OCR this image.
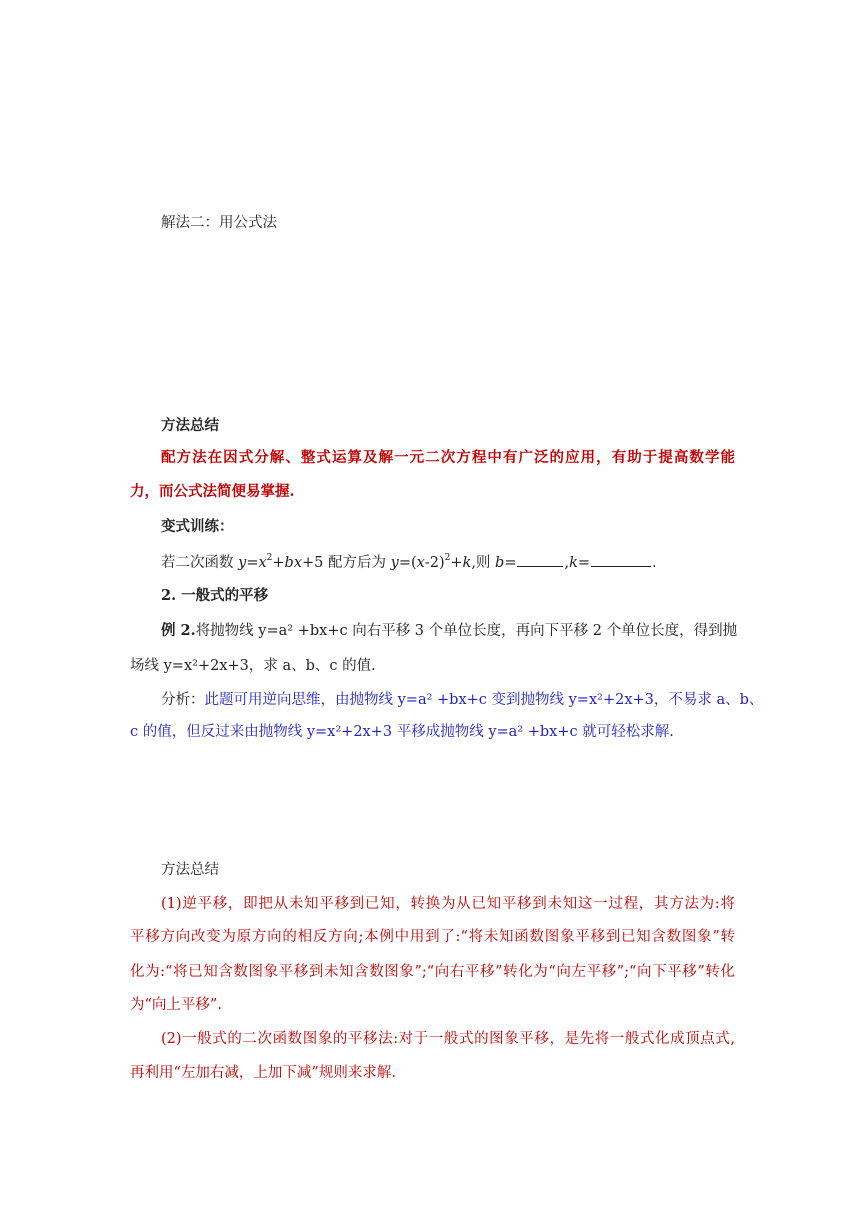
解法二：用公式法
方法总结
配方法在因式分解、整式运算及解一元二次方程中有广泛的应用，有助于提高数学能
力，而公式法简便易掌握.
变式训练：
若二次函数 $y=x^2+bx+5$ 配方后为 $y=(x-2)^2+k$,则 b=	,k=	.
2. 一般式的平移
例 2.将抛物线 y=a² +bx+c 向右平移 3 个单位长度，再向下平移 2 个单位长度，得到抛
场线 y=x²+2x+3，求 a、b、c 的值.
分析：此题可用逆向思维，由抛物线 y=a² +bx+c 变到抛物线 y=x²+2x+3，不易求 a、b、
c 的值，但反过来由抛物线 y=x²+2x+3 平移成抛物线 y=a² +bx+c 就可轻松求解.
方法总结
(1)逆平移，即把从未知平移到已知，转换为从已知平移到未知这一过程，其方法为:将
平移方向改变为原方向的相反方向;本例中用到了:“将未知函数图象平移到已知含数图象”转
化为:“将已知含数图象平移到未知含数图象”;“向右平移”转化为“向左平移”;“向下平移”转化
为“向上平移”.
(2)一般式的二次函数图象的平移法:对于一般式的图象平移，是先将一般式化成顶点式,
再利用“左加右减，上加下减”规则来求解.
